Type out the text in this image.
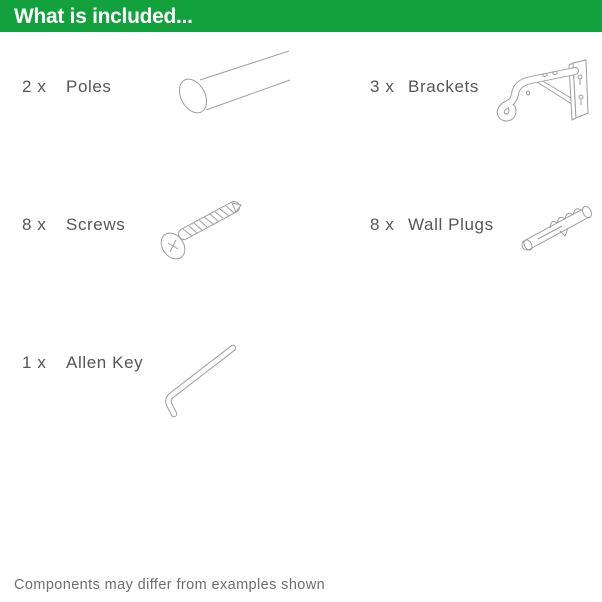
What is included...
2 x	Poles	3 x Brackets
8 x	Screws	8 x Wall Plugs
1 x	Allen Key
Components may differ from examples shown
